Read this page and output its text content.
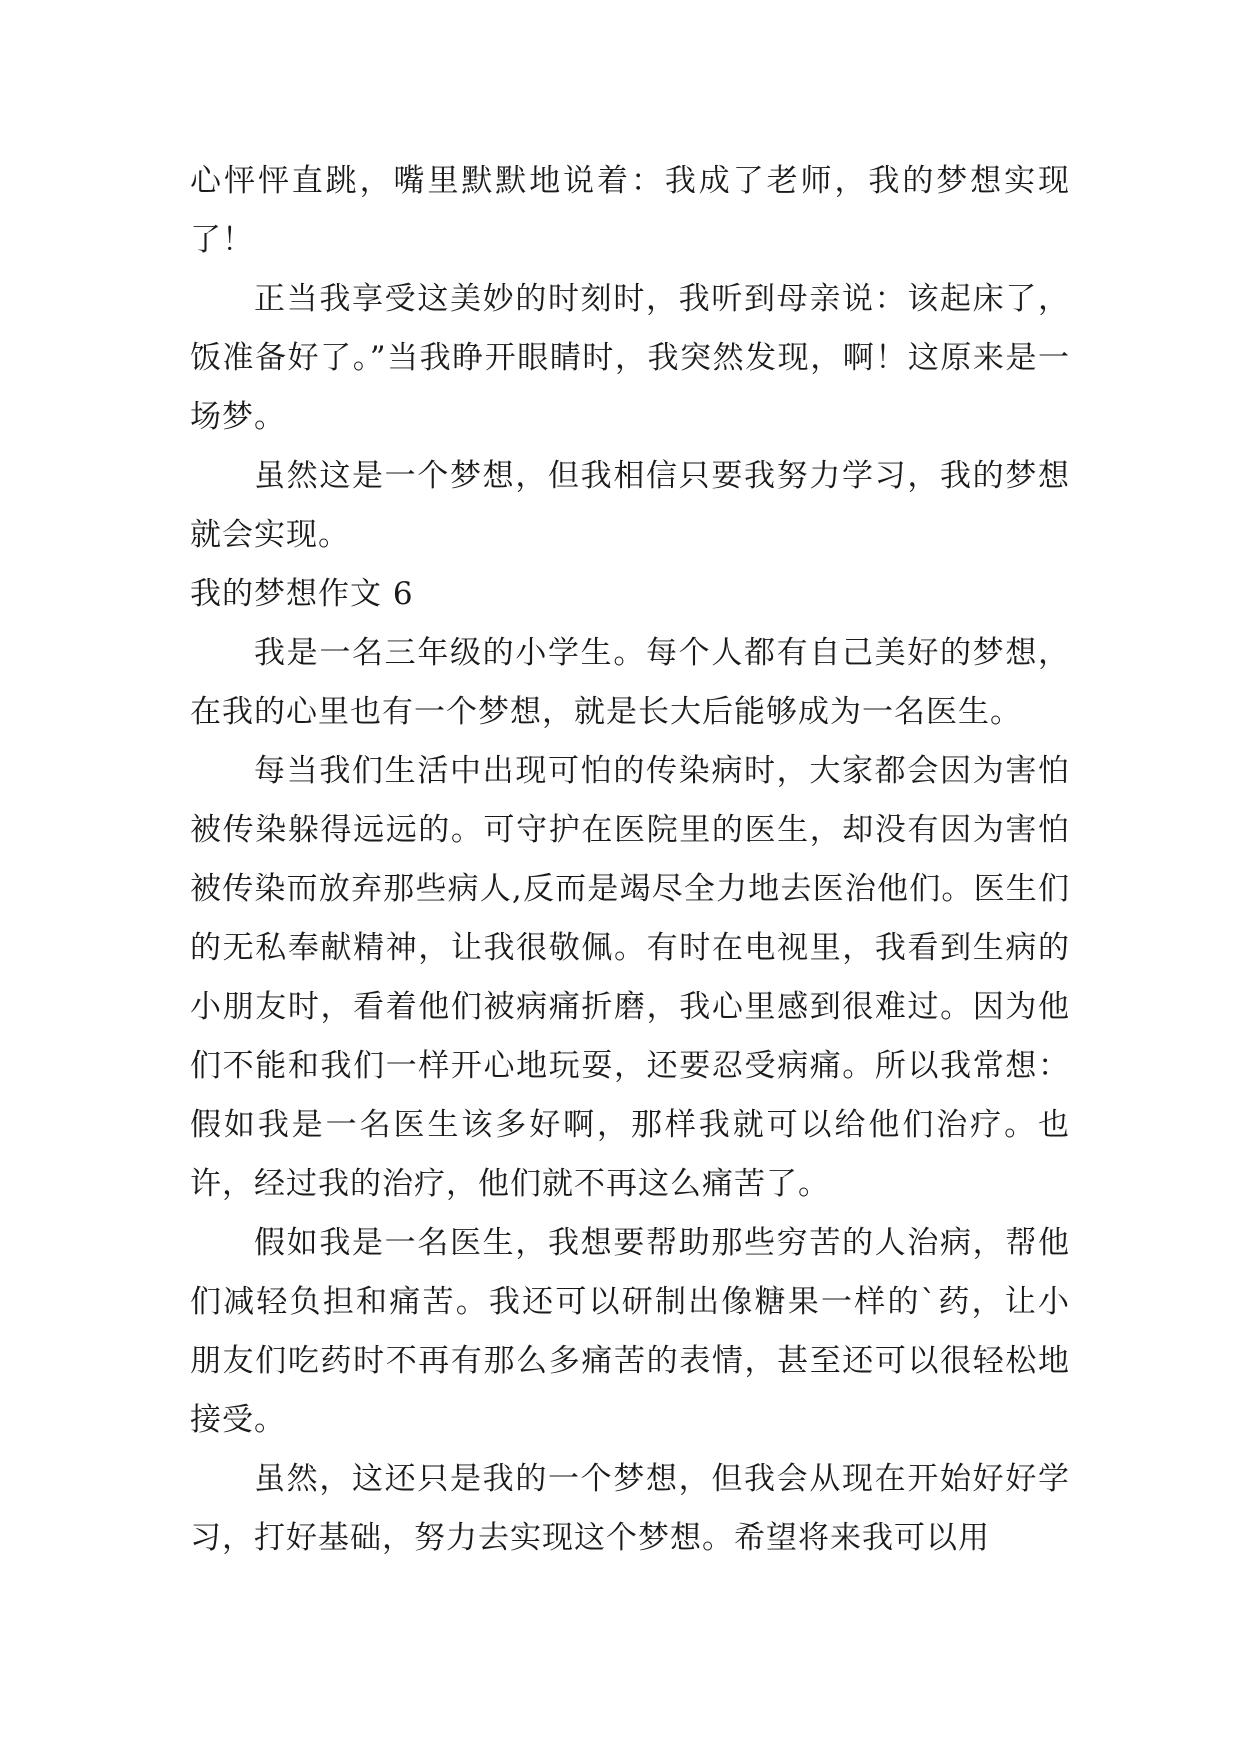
心怦怦直跳，嘴里默默地说着：我成了老师，我的梦想实现了！

正当我享受这美妙的时刻时，我听到母亲说：该起床了，饭准备好了。”当我睁开眼睛时，我突然发现，啊！这原来是一场梦。

虽然这是一个梦想，但我相信只要我努力学习，我的梦想就会实现。

我的梦想作文 6

我是一名三年级的小学生。每个人都有自己美好的梦想，在我的心里也有一个梦想，就是长大后能够成为一名医生。

每当我们生活中出现可怕的传染病时，大家都会因为害怕被传染躲得远远的。可守护在医院里的医生，却没有因为害怕被传染而放弃那些病人,反而是竭尽全力地去医治他们。医生们的无私奉献精神，让我很敬佩。有时在电视里，我看到生病的小朋友时，看着他们被病痛折磨，我心里感到很难过。因为他们不能和我们一样开心地玩耍，还要忍受病痛。所以我常想：假如我是一名医生该多好啊，那样我就可以给他们治疗。也许，经过我的治疗，他们就不再这么痛苦了。

假如我是一名医生，我想要帮助那些穷苦的人治病，帮他们减轻负担和痛苦。我还可以研制出像糖果一样的`药，让小朋友们吃药时不再有那么多痛苦的表情，甚至还可以很轻松地接受。

虽然，这还只是我的一个梦想，但我会从现在开始好好学习，打好基础，努力去实现这个梦想。希望将来我可以用
